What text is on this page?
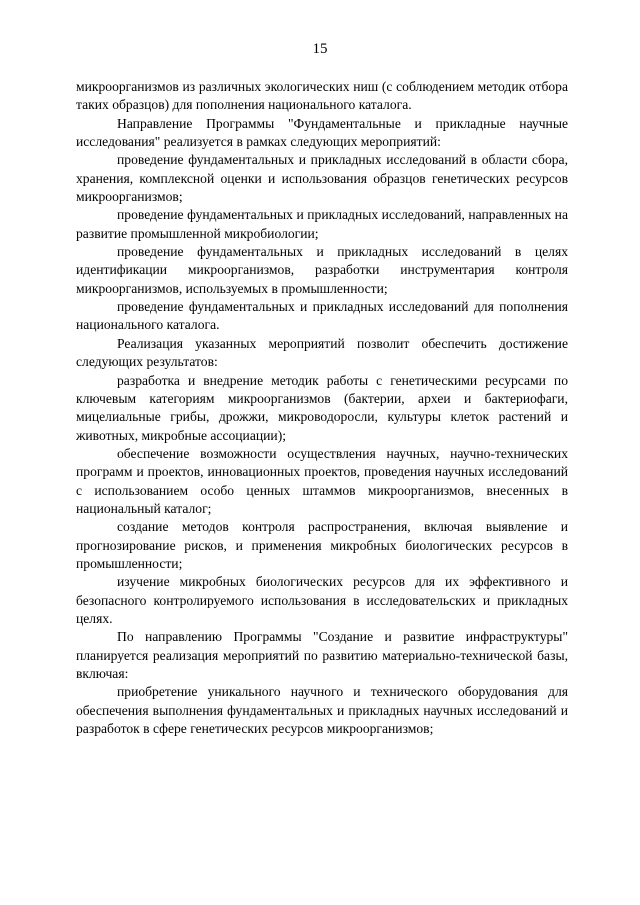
15

микроорганизмов из различных экологических ниш (с соблюдением методик отбора таких образцов) для пополнения национального каталога.

Направление Программы "Фундаментальные и прикладные научные исследования" реализуется в рамках следующих мероприятий:

проведение фундаментальных и прикладных исследований в области сбора, хранения, комплексной оценки и использования образцов генетических ресурсов микроорганизмов;

проведение фундаментальных и прикладных исследований, направленных на развитие промышленной микробиологии;

проведение фундаментальных и прикладных исследований в целях идентификации микроорганизмов, разработки инструментария контроля микроорганизмов, используемых в промышленности;

проведение фундаментальных и прикладных исследований для пополнения национального каталога.

Реализация указанных мероприятий позволит обеспечить достижение следующих результатов:

разработка и внедрение методик работы с генетическими ресурсами по ключевым категориям микроорганизмов (бактерии, археи и бактериофаги, мицелиальные грибы, дрожжи, микроводоросли, культуры клеток растений и животных, микробные ассоциации);

обеспечение возможности осуществления научных, научно-технических программ и проектов, инновационных проектов, проведения научных исследований с использованием особо ценных штаммов микроорганизмов, внесенных в национальный каталог;

создание методов контроля распространения, включая выявление и прогнозирование рисков, и применения микробных биологических ресурсов в промышленности;

изучение микробных биологических ресурсов для их эффективного и безопасного контролируемого использования в исследовательских и прикладных целях.

По направлению Программы "Создание и развитие инфраструктуры" планируется реализация мероприятий по развитию материально-технической базы, включая:

приобретение уникального научного и технического оборудования для обеспечения выполнения фундаментальных и прикладных научных исследований и разработок в сфере генетических ресурсов микроорганизмов;
